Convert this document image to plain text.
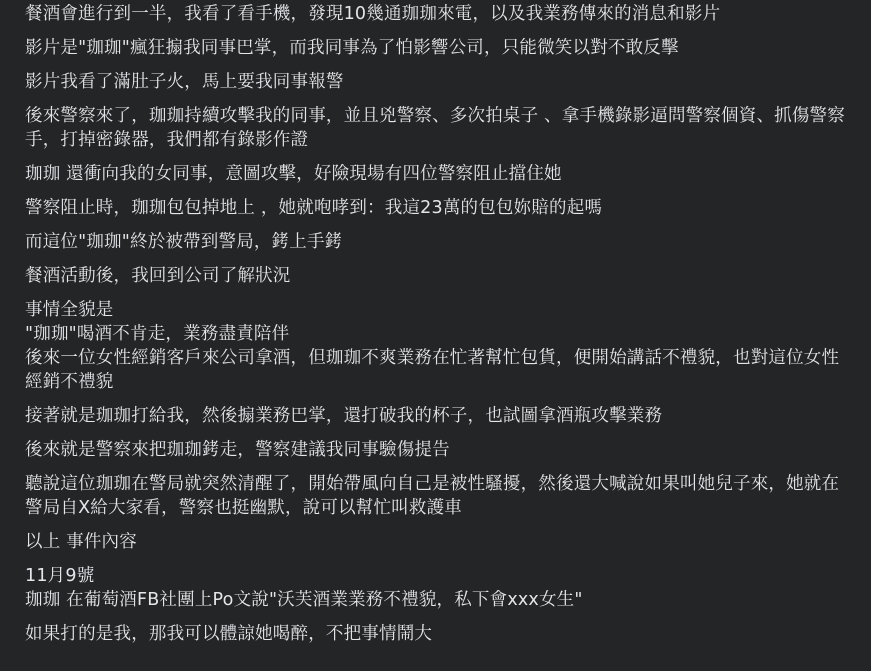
餐酒會進行到一半，我看了看手機，發現10幾通珈珈來電，以及我業務傳來的消息和影片
影片是"珈珈"瘋狂搧我同事巴掌，而我同事為了怕影響公司，只能微笑以對不敢反擊
影片我看了滿肚子火，馬上要我同事報警
後來警察來了，珈珈持續攻擊我的同事，並且兇警察、多次拍桌子 、拿手機錄影逼問警察個資、抓傷警察手，打掉密錄器，我們都有錄影作證
珈珈 還衝向我的女同事，意圖攻擊，好險現場有四位警察阻止擋住她
警察阻止時，珈珈包包掉地上 ，她就咆哮到：我這23萬的包包妳賠的起嗎
而這位"珈珈"終於被帶到警局，銬上手銬
餐酒活動後，我回到公司了解狀況
事情全貌是
"珈珈"喝酒不肯走，業務盡責陪伴
後來一位女性經銷客戶來公司拿酒，但珈珈不爽業務在忙著幫忙包貨，便開始講話不禮貌，也對這位女性經銷不禮貌
接著就是珈珈打給我，然後搧業務巴掌，還打破我的杯子，也試圖拿酒瓶攻擊業務
後來就是警察來把珈珈銬走，警察建議我同事驗傷提告
聽說這位珈珈在警局就突然清醒了，開始帶風向自己是被性騷擾，然後還大喊說如果叫她兒子來，她就在警局自X給大家看，警察也挺幽默，說可以幫忙叫救護車
以上 事件內容
11月9號
珈珈 在葡萄酒FB社團上Po文說"沃芙酒業業務不禮貌，私下會xxx女生"
如果打的是我，那我可以體諒她喝醉，不把事情鬧大
